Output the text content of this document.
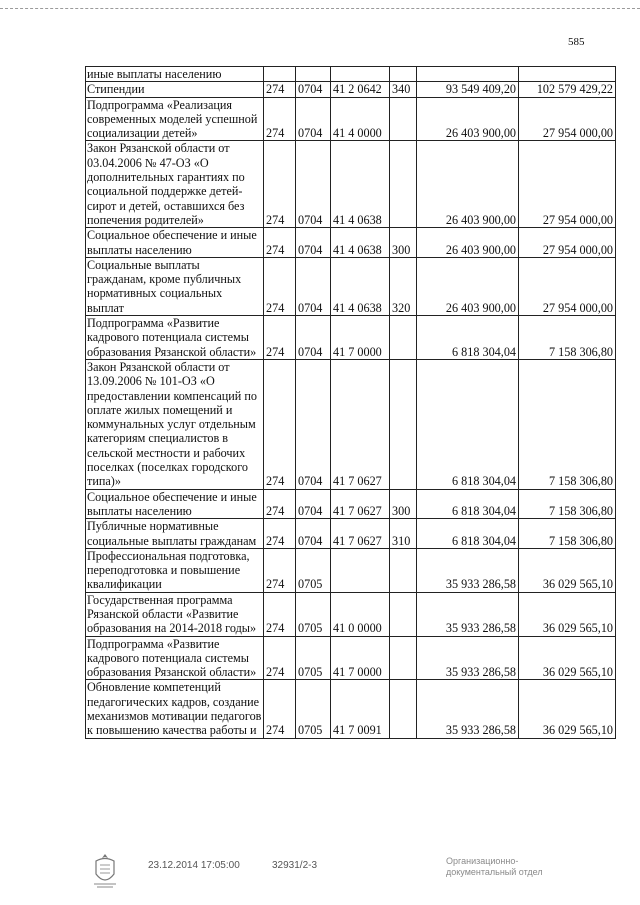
585
иные выплаты населению						
Стипендии	274	0704	41 2 0642	340	93 549 409,20	102 579 429,22
Подпрограмма «Реализация современных моделей успешной социализации детей»	274	0704	41 4 0000		26 403 900,00	27 954 000,00
Закон Рязанской области от 03.04.2006 № 47-ОЗ «О дополнительных гарантиях по социальной поддержке детей-сирот и детей, оставшихся без попечения родителей»	274	0704	41 4 0638		26 403 900,00	27 954 000,00
Социальное обеспечение и иные выплаты населению	274	0704	41 4 0638	300	26 403 900,00	27 954 000,00
Социальные выплаты гражданам, кроме публичных нормативных социальных выплат	274	0704	41 4 0638	320	26 403 900,00	27 954 000,00
Подпрограмма «Развитие кадрового потенциала системы образования Рязанской области»	274	0704	41 7 0000		6 818 304,04	7 158 306,80
Закон Рязанской области от 13.09.2006 № 101-ОЗ «О предоставлении компенсаций по оплате жилых помещений и коммунальных услуг отдельным категориям специалистов в сельской местности и рабочих поселках (поселках городского типа)»	274	0704	41 7 0627		6 818 304,04	7 158 306,80
Социальное обеспечение и иные выплаты населению	274	0704	41 7 0627	300	6 818 304,04	7 158 306,80
Публичные нормативные социальные выплаты гражданам	274	0704	41 7 0627	310	6 818 304,04	7 158 306,80
Профессиональная подготовка, переподготовка и повышение квалификации	274	0705			35 933 286,58	36 029 565,10
Государственная программа Рязанской области «Развитие образования на 2014-2018 годы»	274	0705	41 0 0000		35 933 286,58	36 029 565,10
Подпрограмма «Развитие кадрового потенциала системы образования Рязанской области»	274	0705	41 7 0000		35 933 286,58	36 029 565,10
Обновление компетенций педагогических кадров, создание механизмов мотивации педагогов к повышению качества работы и	274	0705	41 7 0091		35 933 286,58	36 029 565,10
23.12.2014 17:05:00	32931/2-3	Организационно-
документальный отдел
